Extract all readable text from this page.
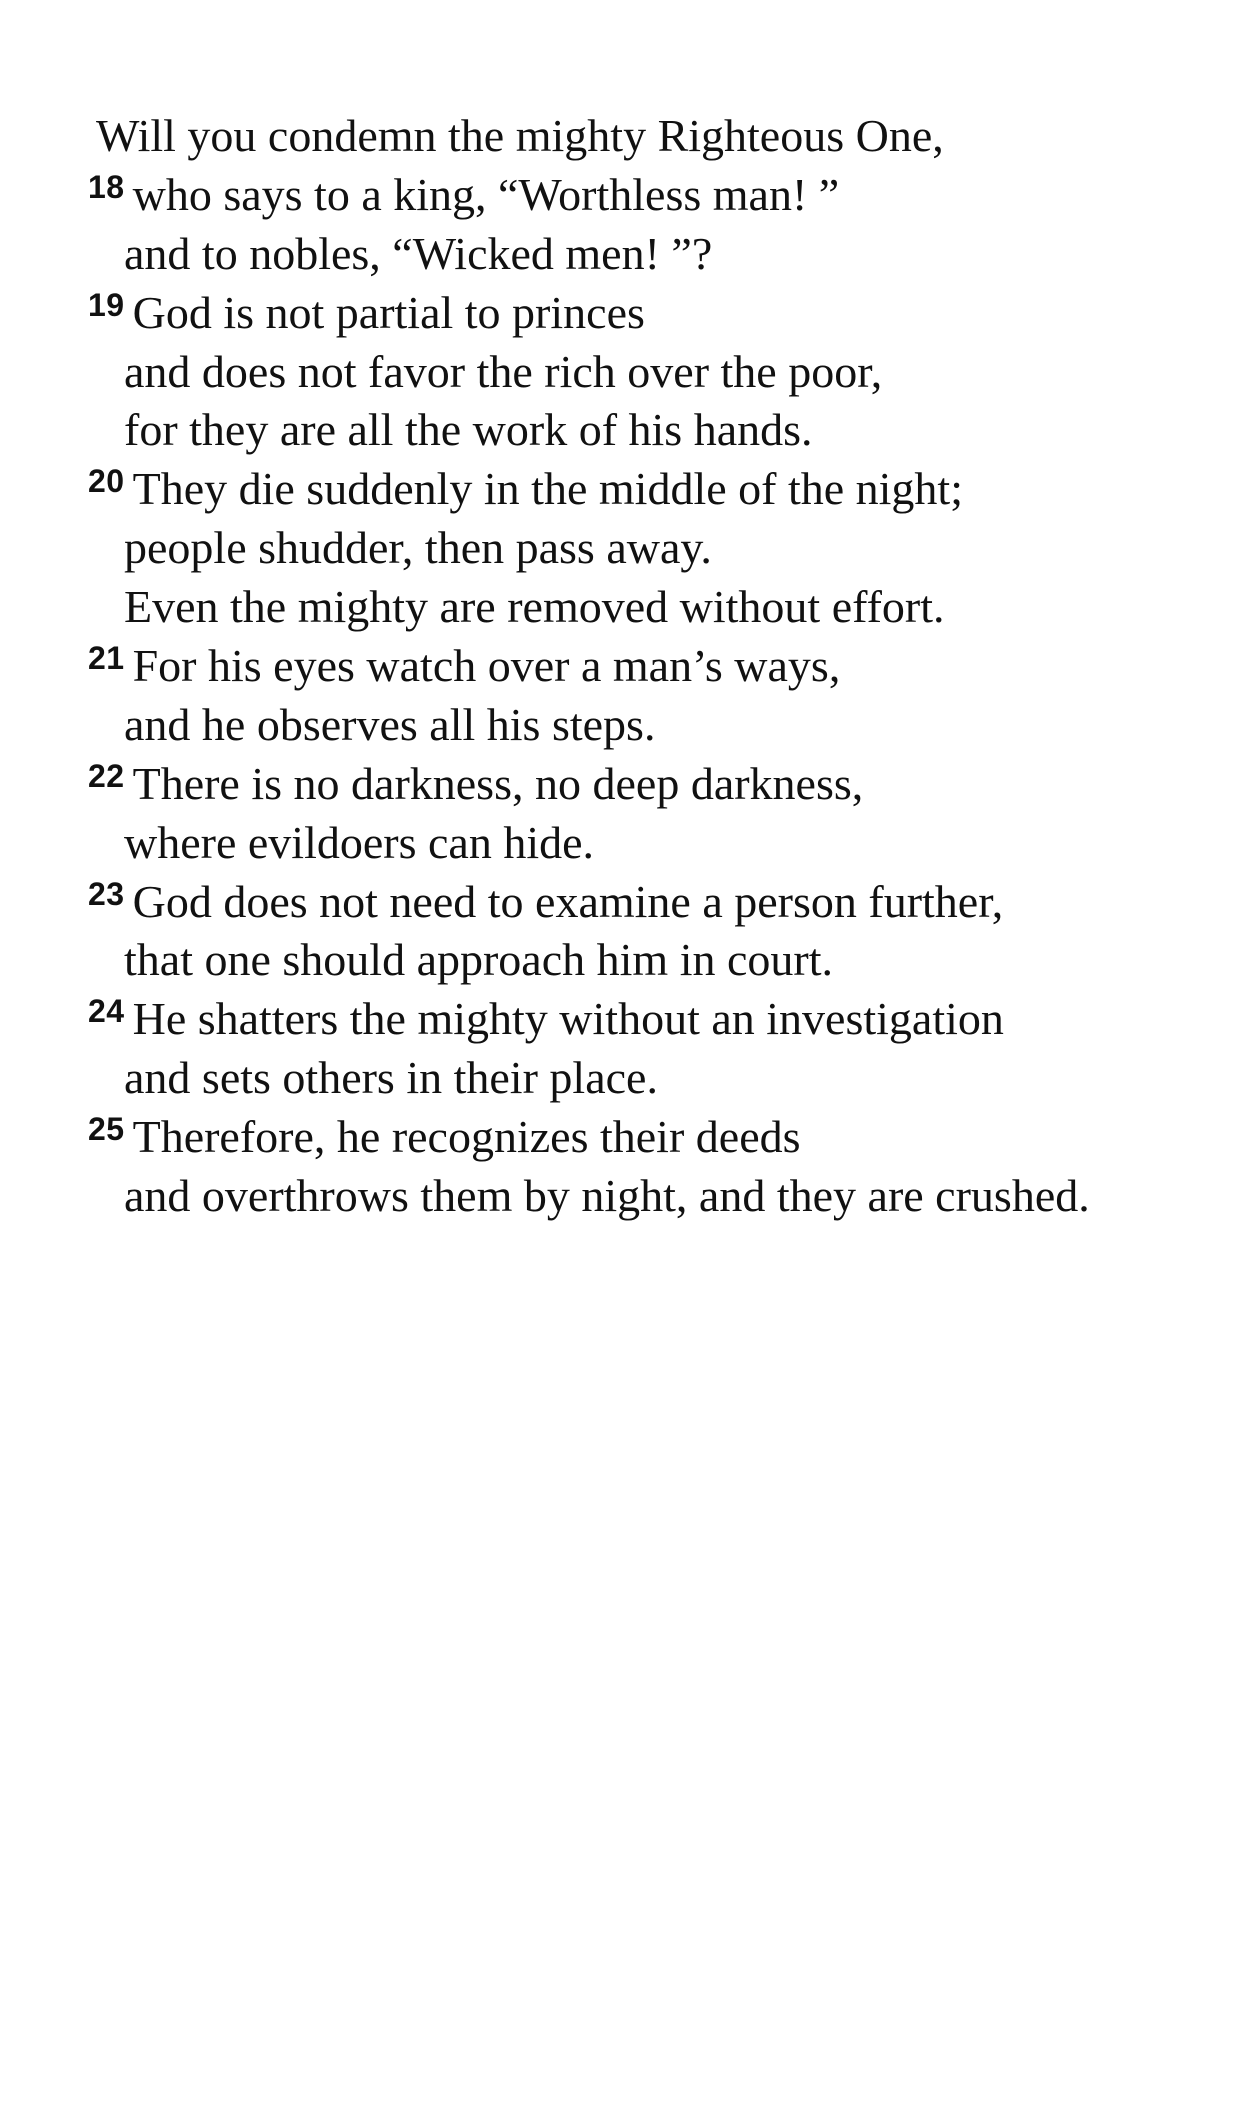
Will you condemn the mighty Righteous One,
$^{18}$ who says to a king, “Worthless man! ”
and to nobles, “Wicked men! ”?
$^{19}$ God is not partial to princes
and does not favor the rich over the poor,
for they are all the work of his hands.
$^{20}$ They die suddenly in the middle of the night;
people shudder, then pass away.
Even the mighty are removed without effort.
$^{21}$ For his eyes watch over a man’s ways,
and he observes all his steps.
$^{22}$ There is no darkness, no deep darkness,
where evildoers can hide.
$^{23}$ God does not need to examine a person further,
that one should approach him in court.
$^{24}$ He shatters the mighty without an investigation
and sets others in their place.
$^{25}$ Therefore, he recognizes their deeds
and overthrows them by night, and they are crushed.
